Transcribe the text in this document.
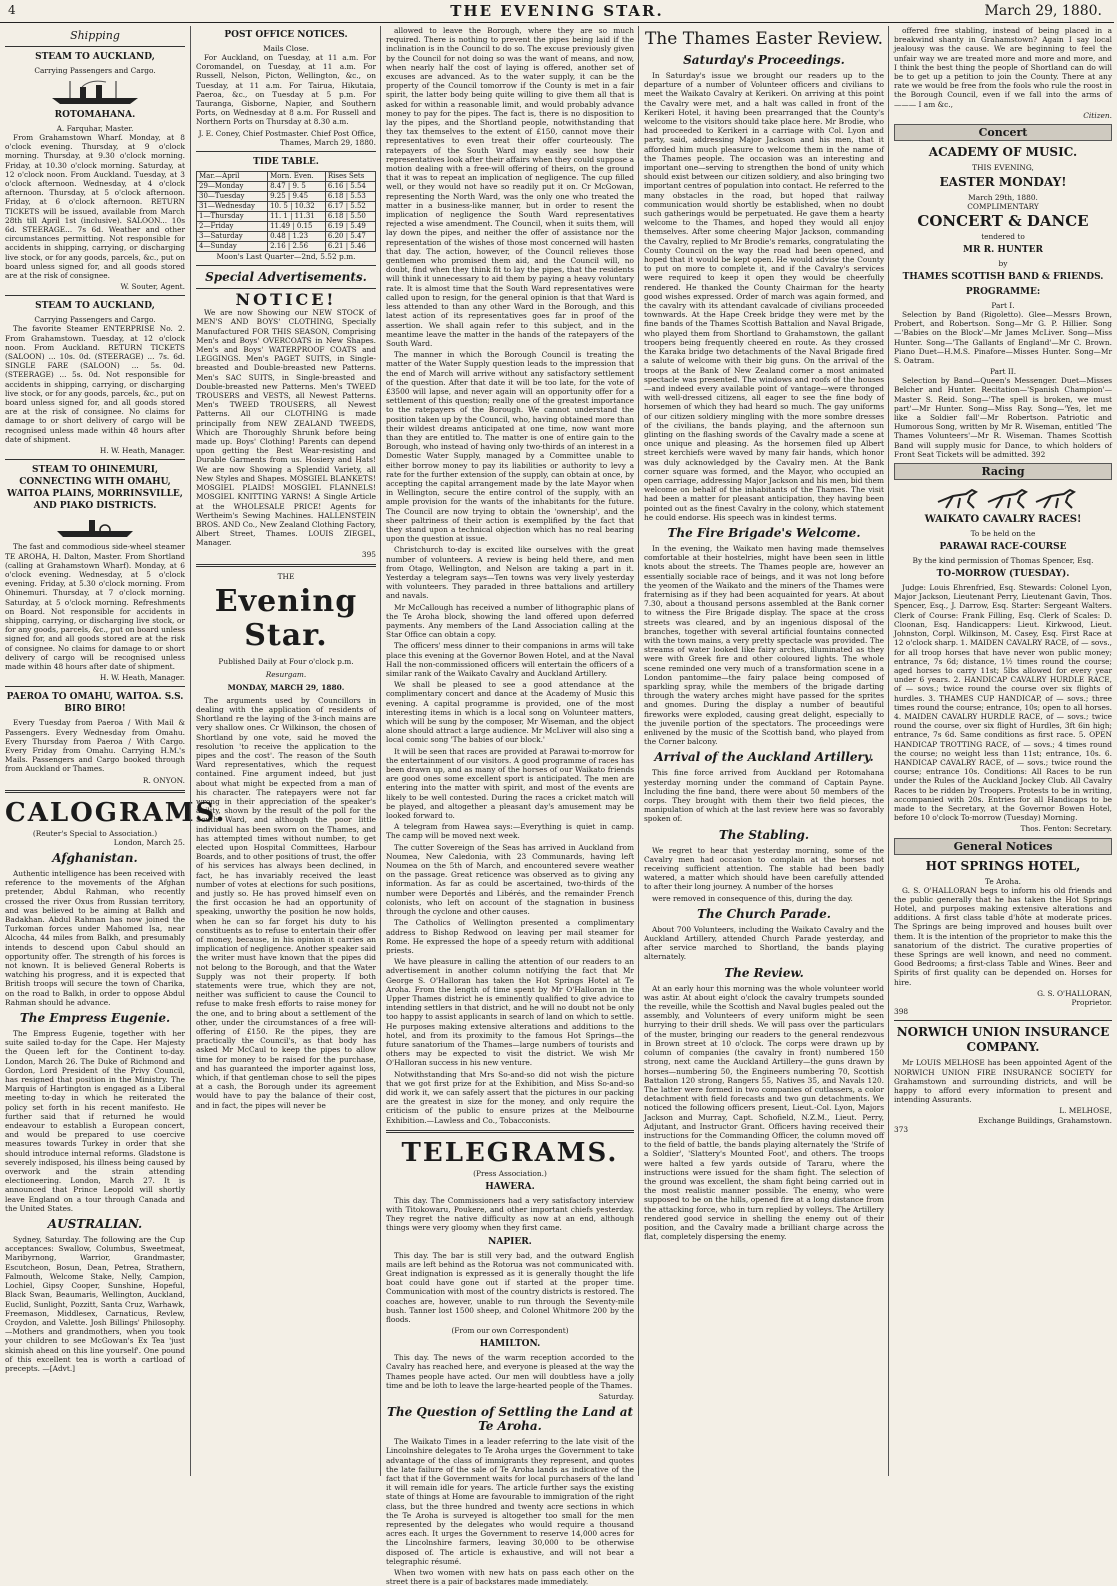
4	THE EVENING STAR.	March 29, 1880.
Shipping
STEAM TO AUCKLAND,
Carrying Passengers and Cargo.
ROTOMAHANA.
A. Farquhar, Master.

From Grahamstown Wharf. Monday, at 8 o'clock evening. Thursday, at 9 o'clock morning. Thursday, at 9.30 o'clock morning. Friday, at 10.30 o'clock morning. Saturday, at 12 o'clock noon. From Auckland. Tuesday, at 3 o'clock afternoon. Wednesday, at 4 o'clock afternoon. Thursday, at 5 o'clock afternoon. Friday, at 6 o'clock afternoon. RETURN TICKETS will be issued, available from March 28th till April 1st (inclusive). SALOON... 10s 6d. STEERAGE... 7s 6d. Weather and other circumstances permitting. Not responsible for accidents in shipping, carrying, or discharging live stock, or for any goods, parcels, &c., put on board unless signed for, and all goods stored are at the risk of consignee.

W. Souter, Agent.
STEAM TO AUCKLAND,
Carrying Passengers and Cargo.

The favorite Steamer ENTERPRISE No. 2. From Grahamstown. Tuesday, at 12 o'clock noon. From Auckland. RETURN TICKETS (SALOON) ... 10s. 0d. (STEERAGE) ... 7s. 6d. SINGLE FARE (SALOON) ... 5s. 0d. (STEERAGE) ... 5s. 0d. Not responsible for accidents in shipping, carrying, or discharging live stock, or for any goods, parcels, &c., put on board unless signed for, and all goods stored are at the risk of consignee. No claims for damage to or short delivery of cargo will be recognised unless made within 48 hours after date of shipment.

H. W. Heath, Manager.
STEAM TO OHINEMURI, CONNECTING WITH OMAHU, WAITOA PLAINS, MORRINSVILLE, AND PIAKO DISTRICTS.

The fast and commodious side-wheel steamer TE AROHA, H. Dalton, Master. From Shortland (calling at Grahamstown Wharf). Monday, at 6 o'clock evening. Wednesday, at 5 o'clock evening. Friday, at 5.30 o'clock morning. From Ohinemuri. Thursday, at 7 o'clock morning. Saturday, at 5 o'clock morning. Refreshments on Board. Not responsible for accidents in shipping, carrying, or discharging live stock, or for any goods, parcels, &c., put on board unless signed for, and all goods stored are at the risk of consignee. No claims for damage to or short delivery of cargo will be recognised unless made within 48 hours after date of shipment.

H. W. Heath, Manager.
PAEROA TO OMAHU, WAITOA. S.S. BIRO BIRO!

Every Tuesday from Paeroa / With Mail & Passengers. Every Wednesday from Omahu. Every Thursday from Paeroa / With Cargo. Every Friday from Omahu. Carrying H.M.'s Mails. Passengers and Cargo booked through from Auckland or Thames.

R. ONYON.
CALOGRAMS.
(Reuter's Special to Association.)
London, March 25.
Afghanistan.

Authentic intelligence has been received with reference to the movements of the Afghan pretender, Abdul Rahman, who recently crossed the river Oxus from Russian territory, and was believed to be aiming at Balkh and Badakhan. Abdul Rahman has now joined the Turkoman forces under Mahomed Isa, near Alcocha, 44 miles from Balkh, and presumably intends to descend upon Cabul should an opportunity offer. The strength of his forces is not known. It is believed General Roberts is watching his progress, and it is expected that British troops will secure the town of Charika, on the road to Balkh, in order to oppose Abdul Rahman should he advance.

The Empress Eugenie.

The Empress Eugenie, together with her suite sailed to-day for the Cape. Her Majesty the Queen left for the Continent to-day. London, March 26. The Duke of Richmond and Gordon, Lord President of the Privy Council, has resigned that position in the Ministry. The Marquis of Hartington is engaged as a Liberal meeting to-day in which he reiterated the policy set forth in his recent manifesto. He further said that if returned he would endeavour to establish a European concert, and would be prepared to use coercive measures towards Turkey in order that she should introduce internal reforms. Gladstone is severely indisposed, his illness being caused by overwork and the strain attending electioneering. London, March 27. It is announced that Prince Leopold will shortly leave England on a tour through Canada and the United States.

AUSTRALIAN.

Sydney, Saturday. The following are the Cup acceptances: Swallow, Columbus, Sweetmeat, Maribyrnong, Warrior, Grandmaster, Escutcheon, Bosun, Dean, Petrea, Strathern, Falmouth, Welcome Stake, Nelly, Campion, Lochiel, Gipsy Cooper, Sunshine, Hopeful, Black Swan, Beaumaris, Wellington, Auckland, Euclid, Sunlight, Pozzitt, Santa Cruz, Warhawk, Freemason, Middlesex, Carnaticus, Revlew, Croydon, and Valette. Josh Billings' Philosophy.—Mothers and grandmothers, when you took your children to see McGowan's Ex Tea 'just skimish ahead on this line yourself'. One pound of this excellent tea is worth a cartload of precepts. —[Advt.]

POST OFFICE NOTICES.
Mails Close.

For Auckland, on Tuesday, at 11 a.m. For Coromandel, on Tuesday, at 11 a.m. For Russell, Nelson, Picton, Wellington, &c., on Tuesday, at 11 a.m. For Tairua, Hikutaia, Paeroa, &c., on Tuesday at 5 p.m. For Tauranga, Gisborne, Napier, and Southern Ports, on Wednesday at 8 a.m. For Russell and Northern Ports on Thursday at 8.30 a.m.

J. E. Coney, Chief Postmaster. Chief Post Office, Thames, March 29, 1880.
TIDE TABLE.
Mar.—April	Morn. Even.	Rises Sets
29—Monday	8.47 | 9. 5	6.16 | 5.54
30—Tuesday	9.25 | 9.45	6.18 | 5.53
31—Wednesday	10. 5 | 10.32	6.17 | 5.52
1—Thursday	11. 1 | 11.31	6.18 | 5.50
2—Friday	11.49 | 0.15	6.19 | 5.49
3—Saturday	0.48 | 1.23	6.20 | 5.47
4—Sunday	2.16 | 2.56	6.21 | 5.46
Moon's Last Quarter—2nd, 5.52 p.m.
Special Advertisements.
NOTICE!

We are now Showing our NEW STOCK of MEN'S AND BOYS' CLOTHING, Specially Manufactured FOR THIS SEASON, Comprising Men's and Boys' OVERCOATS in New Shapes. Men's and Boys' WATERPROOF COATS and LEGGINGS. Men's PAGET SUITS, in Single-breasted and Double-breasted new Patterns. Men's SAC SUITS, in Single-breasted and Double-breasted new Patterns. Men's TWEED TROUSERS and VESTS, all Newest Patterns. Men's TWEED TROUSERS, all Newest Patterns. All our CLOTHING is made principally from NEW ZEALAND TWEEDS, Which are Thoroughly Shrunk before being made up. Boys' Clothing! Parents can depend upon getting the Best Wear-resisting and Durable Garments from us. Hosiery and Hats! We are now Showing a Splendid Variety, all New Styles and Shapes. MOSGIEL BLANKETS! MOSGIEL PLAIDS! MOSGIEL FLANNELS! MOSGIEL KNITTING YARNS! A Single Article at the WHOLESALE PRICE! Agents for Wertheim's Sewing Machines. HALLENSTEIN BROS. AND Co., New Zealand Clothing Factory, Albert Street, Thames. LOUIS ZIEGEL, Manager.

395
THE
Evening Star.
Published Daily at Four o'clock p.m.
Resurgam.
MONDAY, MARCH 29, 1880.

The arguments used by Councillors in dealing with the application of residents of Shortland re the laying of the 3-inch mains are very shallow ones. Cr Wilkinson, the chosen of Shortland by one vote, said he moved the resolution 'to receive the application to the pipes and the cost'. The reason of the South Ward representatives, which the request contained. Fine argument indeed, but just about what might be expected from a man of his character. The ratepayers were not far wrong in their appreciation of the speaker's ability, shown by the result of the poll for the South Ward, and although the poor little individual has been sworn on the Thames, and has attempted times without number, to get elected upon Hospital Committees, Harbour Boards, and to other positions of trust, the offer of his services has always been declined, in fact, he has invariably received the least number of votes at elections for such positions, and justly so. He has proved himself even on the first occasion he had an opportunity of speaking, unworthy the position he now holds, when he can so far forget his duty to his constituents as to refuse to entertain their offer of money, because, in his opinion it carries an implication of negligence. Another speaker said the writer must have known that the pipes did not belong to the Borough, and that the Water Supply was not their property. If both statements were true, which they are not, neither was sufficient to cause the Council to refuse to make fresh efforts to raise money for the one, and to bring about a settlement of the other, under the circumstances of a free will-offering of £150. Re the pipes, they are practically the Council's, as that body has asked Mr McCaul to keep the pipes to allow time for money to be raised for the purchase, and has guaranteed the importer against loss, which, if that gentleman chose to sell the pipes at a cash, the Borough under its agreement would have to pay the balance of their cost, and in fact, the pipes will never be

allowed to leave the Borough, where they are so much required. There is nothing to prevent the pipes being laid if the inclination is in the Council to do so. The excuse previously given by the Council for not doing so was the want of means, and now, when nearly half the cost of laying is offered, another set of excuses are advanced. As to the water supply, it can be the property of the Council tomorrow if the County is met in a fair spirit, the latter body being quite willing to give them all that is asked for within a reasonable limit, and would probably advance money to pay for the pipes. The fact is, there is no disposition to lay the pipes, and the Shortland people, notwithstanding that they tax themselves to the extent of £150, cannot move their representatives to even treat their offer courteously. The ratepayers of the South Ward may easily see how their representatives look after their affairs when they could suppose a motion dealing with a free-will offering of theirs, on the ground that it was to repeat an implication of negligence. The cup filled well, or they would not have so readily put it on. Cr McGowan, representing the North Ward, was the only one who treated the matter in a business-like manner, but in order to resent the implication of negligence the South Ward representatives rejected a wise amendment. The Council, when it suits them, will lay down the pipes, and neither the offer of assistance nor the representation of the wishes of those most concerned will hasten that day. The action, however, of the Council relieves those gentlemen who promised them aid, and the Council will, no doubt, find when they think fit to lay the pipes, that the residents will think it unnecessary to aid them by paying a heavy voluntary rate. It is almost time that the South Ward representatives were called upon to resign, for the general opinion is that that Ward is less attended to than any other Ward in the Borough, and this latest action of its representatives goes far in proof of the assertion. We shall again refer to this subject, and in the meantime leave the matter in the hands of the ratepayers of the South Ward.

The manner in which the Borough Council is treating the matter of the Water Supply question leads to the impression that the end of March will arrive without any satisfactory settlement of the question. After that date it will be too late, for the vote of £3500 will lapse, and never again will an opportunity offer for a settlement of this question; really one of the greatest importance to the ratepayers of the Borough. We cannot understand the position taken up by the Council, who, having obtained more than their wildest dreams anticipated at one time, now want more than they are entitled to. The matter is one of entire gain to the Borough, who instead of having only two-thirds of an interest in a Domestic Water Supply, managed by a Committee unable to either borrow money to pay its liabilities or authority to levy a rate for the further extension of the supply, can obtain at once, by accepting the capital arrangement made by the late Mayor when in Wellington, secure the entire control of the supply, with an ample provision for the wants of the inhabitants for the future. The Council are now trying to obtain the 'ownership', and the sheer paltriness of their action is exemplified by the fact that they stand upon a technical objection which has no real bearing upon the question at issue.

Christchurch to-day is excited like ourselves with the great number of volunteers. A review is being held there, and men from Otago, Wellington, and Nelson are taking a part in it. Yesterday a telegram says—Ten towns was very lively yesterday with volunteers. They paraded in three battalions and artillery and navals.

Mr McCallough has received a number of lithographic plans of the Te Aroha block, showing the land offered upon deferred payments. Any members of the Land Association calling at the Star Office can obtain a copy.

The officers' mess dinner to their companions in arms will take place this evening at the Governor Bowen Hotel, and at the Naval Hall the non-commissioned officers will entertain the officers of a similar rank of the Waikato Cavalry and Auckland Artillery.

We shall be pleased to see a good attendance at the complimentary concert and dance at the Academy of Music this evening. A capital programme is provided, one of the most interesting items in which is a local song on Volunteer matters, which will be sung by the composer, Mr Wiseman, and the object alone should attract a large audience. Mr McLiver will also sing a local comic song 'The babies of our block.'

It will be seen that races are provided at Parawai to-morrow for the entertainment of our visitors. A good programme of races has been drawn up, and as many of the horses of our Waikato friends are good ones some excellent sport is anticipated. The men are entering into the matter with spirit, and most of the events are likely to be well contested. During the races a cricket match will be played, and altogether a pleasant day's amusement may be looked forward to.

A telegram from Hawea says:—Everything is quiet in camp. The camp will be moved next week.

The cutter Sovereign of the Seas has arrived in Auckland from Noumea, New Caledonia, with 23 Communards, having left Noumea on the 5th of March, and encountered severe weather on the passage. Great reticence was observed as to giving any information. As far as could be ascertained, two-thirds of the number were Deportés and Libérés, and the remainder French colonists, who left on account of the stagnation in business through the cyclone and other causes.

The Catholics of Wellington presented a complimentary address to Bishop Redwood on leaving per mail steamer for Rome. He expressed the hope of a speedy return with additional priests.

We have pleasure in calling the attention of our readers to an advertisement in another column notifying the fact that Mr George S. O'Halloran has taken the Hot Springs Hotel at Te Aroha. From the length of time spent by Mr O'Halloran in the Upper Thames district he is eminently qualified to give advice to intending settlers in that district, and he will no doubt not be only too happy to assist applicants in search of land on which to settle. He purposes making extensive alterations and additions to the hotel, and from its proximity to the famous Hot Springs—the future sanatorium of the Thames—large numbers of tourists and others may be expected to visit the district. We wish Mr O'Halloran success in his new venture.

Notwithstanding that Mrs So-and-so did not wish the picture that we got first prize for at the Exhibition, and Miss So-and-so did work it, we can safely assert that the pictures in our packing are the greatest in size for the money, and only require the criticism of the public to ensure prizes at the Melbourne Exhibition.—Lawless and Co., Tobacconists.

TELEGRAMS.
(Press Association.)
HAWERA.

This day. The Commissioners had a very satisfactory interview with Titokowaru, Poukere, and other important chiefs yesterday. They regret the native difficulty as now at an end, although things were very gloomy when they first came.

NAPIER.

This day. The bar is still very bad, and the outward English mails are left behind as the Rotorua was not communicated with. Great indignation is expressed as it is generally thought the life boat could have gone out if started at the proper time. Communication with most of the country districts is restored. The coaches are, however, unable to run through the Seventy-mile bush. Tanner lost 1500 sheep, and Colonel Whitmore 200 by the floods.

(From our own Correspondent)
HAMILTON.

This day. The news of the warm reception accorded to the Cavalry has reached here, and everyone is pleased at the way the Thames people have acted. Our men will doubtless have a jolly time and be loth to leave the large-hearted people of the Thames.

Saturday.
The Question of Settling the Land at Te Aroha.

The Waikato Times in a leader referring to the late visit of the Lincolnshire delegates to Te Aroha urges the Government to take advantage of the class of immigrants they represent, and quotes the late failure of the sale of Te Aroha lands as indicative of the fact that if the Government waits for local purchasers of the land it will remain idle for years. The article further says the existing state of things at Home are favourable to immigration of the right class, but the three hundred and twenty acre sections in which the Te Aroha is surveyed is altogether too small for the men represented by the delegates who would require a thousand acres each. It urges the Government to reserve 14,000 acres for the Lincolnshire farmers, leaving 30,000 to be otherwise disposed of. The article is exhaustive, and will not bear a telegraphic résumé.

When two women with new hats on pass each other on the street there is a pair of backstares made immediately.

The Thames Easter Review.
Saturday's Proceedings.

In Saturday's issue we brought our readers up to the departure of a number of Volunteer officers and civilians to meet the Waikato Cavalry at Kerikeri. On arriving at this point the Cavalry were met, and a halt was called in front of the Kerikeri Hotel, it having been prearranged that the County's welcome to the visitors should take place here. Mr Brodie, who had proceeded to Kerikeri in a carriage with Col. Lyon and party, said, addressing Major Jackson and his men, that it afforded him much pleasure to welcome them in the name of the Thames people. The occasion was an interesting and important one—serving to strengthen the bond of unity which should exist between our citizen soldiery, and also bringing two important centres of population into contact. He referred to the many obstacles in the road, but hoped that railway communication would shortly be established, when no doubt such gatherings would be perpetuated. He gave them a hearty welcome to the Thames, and hoped they would all enjoy themselves. After some cheering Major Jackson, commanding the Cavalry, replied to Mr Brodie's remarks, congratulating the County Council on the way the road had been opened, and hoped that it would be kept open. He would advise the County to put on more to complete it, and if the Cavalry's services were required to keep it open they would be cheerfully rendered. He thanked the County Chairman for the hearty good wishes expressed. Order of march was again formed, and the cavalry with its attendant cavalcade of civilians proceeded townwards. At the Hape Creek bridge they were met by the fine bands of the Thames Scottish Battalion and Naval Brigade, who played them from Shortland to Grahamstown, the gallant troopers being frequently cheered en route. As they crossed the Karaka bridge two detachments of the Naval Brigade fired a salute of welcome with their big guns. On the arrival of the troops at the Bank of New Zealand corner a most animated spectacle was presented. The windows and roofs of the houses—and indeed every available point of vantage—were thronged with well-dressed citizens, all eager to see the fine body of horsemen of which they had heard so much. The gay uniforms of our citizen soldiery mingling with the more sombre dresses of the civilians, the bands playing, and the afternoon sun glinting on the flashing swords of the Cavalry made a scene at once unique and pleasing. As the horsemen filed up Albert street kerchiefs were waved by many fair hands, which honor was duly acknowledged by the Cavalry men. At the Bank corner square was formed, and the Mayor, who occupied an open carriage, addressing Major Jackson and his men, bid them welcome on behalf of the inhabitants of the Thames. The visit had been a matter for pleasant anticipation, they having been pointed out as the finest Cavalry in the colony, which statement he could endorse. His speech was in kindest terms.

The Fire Brigade's Welcome.

In the evening, the Waikato men having made themselves comfortable at their hostelries, might have been seen in little knots about the streets. The Thames people are, however an essentially sociable race of beings, and it was not long before the yeomen of the Waikato and the miners of the Thames were fraternising as if they had been acquainted for years. At about 7.30, about a thousand persons assembled at the Bank corner to witness the Fire Brigade display. The space at the cross streets was cleared, and by an ingenious disposal of the branches, together with several artificial fountains connected with the town mains, a very pretty spectacle was provided. The streams of water looked like fairy arches, illuminated as they were with Greek fire and other coloured lights. The whole scene reminded one very much of a transformation scene in a London pantomime—the fairy palace being composed of sparkling spray, while the members of the brigade darting through the watery arches might have passed for the sprites and gnomes. During the display a number of beautiful fireworks were exploded, causing great delight, especially to the juvenile portion of the spectators. The proceedings were enlivened by the music of the Scottish band, who played from the Corner balcony.

Arrival of the Auckland Artillery.

This fine force arrived from Auckland per Rotomahana yesterday morning under the command of Captain Payne. Including the fine band, there were about 50 members of the corps. They brought with them their two field pieces, the manipulation of which at the last review here was so favorably spoken of.

The Stabling.

We regret to hear that yesterday morning, some of the Cavalry men had occasion to complain at the horses not receiving sufficient attention. The stable had been badly watered, a matter which should have been carefully attended to after their long journey. A number of the horses

were removed in consequence of this, during the day.

The Church Parade.

About 700 Volunteers, including the Waikato Cavalry and the Auckland Artillery, attended Church Parade yesterday, and after service marched to Shortland, the bands playing alternately.

The Review.

At an early hour this morning was the whole volunteer world was astir. At about eight o'clock the cavalry trumpets sounded the reveille, while the Scottish and Naval bugles pealed out the assembly, and Volunteers of every uniform might be seen hurrying to their drill sheds. We will pass over the particulars of the muster, bringing our readers to the general rendezvous in Brown street at 10 o'clock. The corps were drawn up by column of companies (the cavalry in front) numbered 150 strong, next came the Auckland Artillery—the guns drawn by horses—numbering 50, the Engineers numbering 70, Scottish Battalion 120 strong, Rangers 55, Natives 35, and Navals 120. The latter were formed in two companies of cutlassers, a color detachment with field forecasts and two gun detachments. We noticed the following officers present, Lieut.-Col. Lyon, Majors Jackson and Murray, Capt. Schofield, N.Z.M., Lieut. Perry, Adjutant, and Instructor Grant. Officers having received their instructions for the Commanding Officer, the column moved off to the field of battle, the bands playing alternately the 'Strife of a Soldier', 'Slattery's Mounted Foot', and others. The troops were halted a few yards outside of Tararu, where the instructions were issued for the sham fight. The selection of the ground was excellent, the sham fight being carried out in the most realistic manner possible. The enemy, who were supposed to be on the hills, opened fire at a long distance from the attacking force, who in turn replied by volleys. The Artillery rendered good service in shelling the enemy out of their position, and the Cavalry made a brilliant charge across the flat, completely dispersing the enemy.

offered free stabling, instead of being placed in a breakwind shanty in Grahamstown? Again I say local jealousy was the cause. We are beginning to feel the unfair way we are treated more and more and more, and I think the best thing the people of Shortland can do will be to get up a petition to join the County. There at any rate we would be free from the fools who rule the roost in the Borough Council, even if we fall into the arms of ——— I am &c.,

Citizen.
Concert
ACADEMY OF MUSIC.
THIS EVENING,
EASTER MONDAY!
March 29th, 1880.
COMPLIMENTARY
CONCERT & DANCE
tendered to
MR R. HUNTER
by
THAMES SCOTTISH BAND & FRIENDS.
PROGRAMME:
Part I.

Selection by Band (Rigoletto). Glee—Messrs Brown, Probert, and Robertson. Song—Mr G. P. Hillier. Song—'Babies on the Block'—Mr James McLiver. Song—Miss Hunter. Song—'The Gallants of England'—Mr C. Brown. Piano Duet—H.M.S. Pinafore—Misses Hunter. Song—Mr S. Oatram.

Part II.

Selection by Band—Queen's Messenger. Duet—Misses Belcher and Hunter. Recitation—'Spanish Champion'—Master S. Reid. Song—'The spell is broken, we must part'—Mr Hunter. Song—Miss Ray. Song—'Yes, let me like a Soldier fall'—Mr Robertson. Patriotic and Humorous Song, written by Mr R. Wiseman, entitled 'The Thames Volunteers'—Mr R. Wiseman. Thames Scottish Band will supply music for Dance, to which holders of Front Seat Tickets will be admitted. 392

Racing
WAIKATO CAVALRY RACES!
To be held on the
PARAWAI RACE-COURSE
By the kind permission of Thomas Spencer, Esq.
TO-MORROW (TUESDAY).

Judge: Louis Ehrenfried, Esq. Stewards: Colonel Lyon, Major Jackson, Lieutenant Perry, Lieutenant Gavin, Thos. Spencer, Esq., J. Darrow, Esq. Starter: Sergeant Walters. Clerk of Course: Frank Filling, Esq. Clerk of Scales: D. Cloonan, Esq. Handicappers: Lieut. Kirkwood, Lieut. Johnston, Corpl. Wilkinson, M. Casey, Esq. First Race at 12 o'clock sharp. 1. MAIDEN CAVALRY RACE, of — sovs., for all troop horses that have never won public money; entrance, 7s 6d; distance, 1½ times round the course; aged horses to carry 11st; 5lbs allowed for every year under 6 years. 2. HANDICAP CAVALRY HURDLE RACE, of — sovs.; twice round the course over six flights of hurdles. 3. THAMES CUP HANDICAP, of — sovs.; three times round the course; entrance, 10s; open to all horses. 4. MAIDEN CAVALRY HURDLE RACE, of — sovs.; twice round the course, over six flight of Hurdles, 3ft 6in high; entrance, 7s 6d. Same conditions as first race. 5. OPEN HANDICAP TROTTING RACE, of — sovs.; 4 times round the course; no weight less than 11st; entrance, 10s. 6. HANDICAP CAVALRY RACE, of — sovs.; twice round the course; entrance 10s. Conditions: All Races to be run under the Rules of the Auckland Jockey Club. All Cavalry Races to be ridden by Troopers. Protests to be in writing, accompanied with 20s. Entries for all Handicaps to be made to the Secretary, at the Governor Bowen Hotel, before 10 o'clock To-morrow (Tuesday) Morning.

Thos. Fenton: Secretary.
General Notices
HOT SPRINGS HOTEL,
Te Aroha.

G. S. O'HALLORAN begs to inform his old friends and the public generally that he has taken the Hot Springs Hotel, and purposes making extensive alterations and additions. A first class table d'hôte at moderate prices. The Springs are being improved and houses built over them. It is the intention of the proprietor to make this the sanatorium of the district. The curative properties of these Springs are well known, and need no comment. Good Bedrooms; a first-class Table and Wines. Beer and Spirits of first quality can be depended on. Horses for hire.

G. S. O'HALLORAN,
Proprietor.
398
NORWICH UNION INSURANCE COMPANY.

Mr LOUIS MELHOSE has been appointed Agent of the NORWICH UNION FIRE INSURANCE SOCIETY for Grahamstown and surrounding districts, and will be happy to afford every information to present and intending Assurants.

L. MELHOSE,
Exchange Buildings, Grahamstown.
373
